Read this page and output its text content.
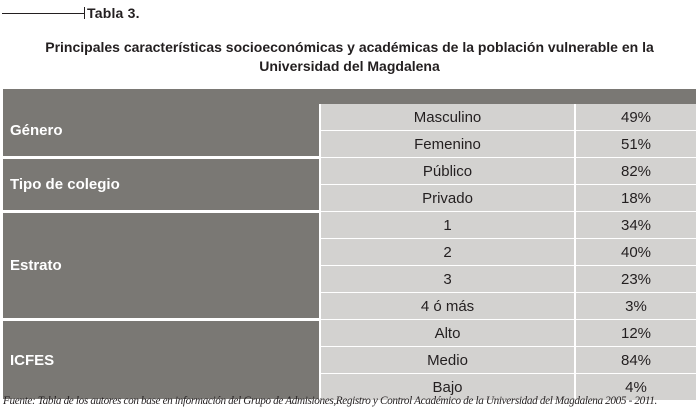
Tabla 3.
Principales características socioeconómicas y académicas de la población vulnerable en la
Universidad del Magdalena
Género	Masculino	49%
	Femenino	51%
Tipo de colegio	Público	82%
	Privado	18%
Estrato	1	34%
	2	40%
	3	23%
	4 ó más	3%
ICFES	Alto	12%
	Medio	84%
	Bajo	4%
Fuente: Tabla de los autores con base en información del Grupo de Admisiones,Registro y Control Académico de la Universidad del Magdalena 2005 - 2011.
